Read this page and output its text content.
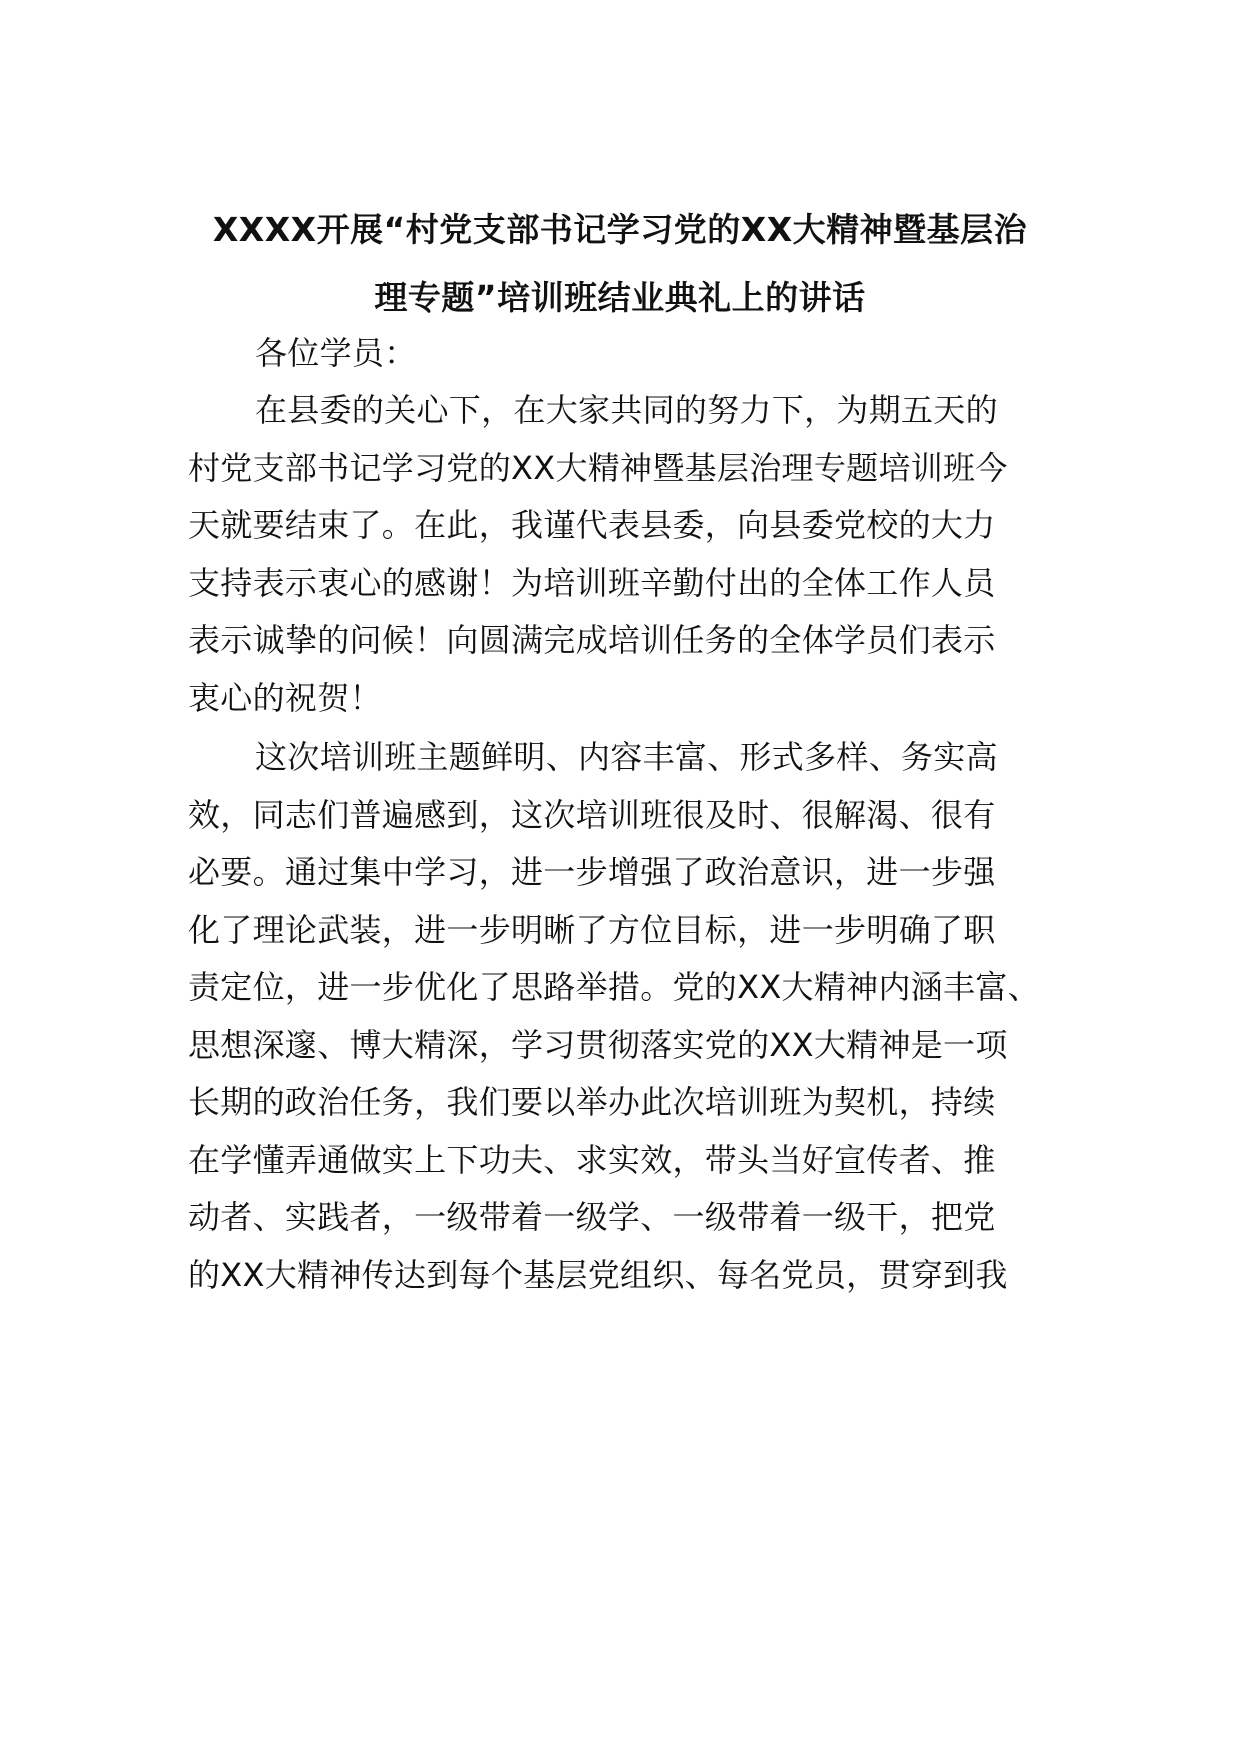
XXXX开展“村党支部书记学习党的XX大精神暨基层治
理专题”培训班结业典礼上的讲话
各位学员：
在县委的关心下，在大家共同的努力下，为期五天的
村党支部书记学习党的XX大精神暨基层治理专题培训班今
天就要结束了。在此，我谨代表县委，向县委党校的大力
支持表示衷心的感谢！为培训班辛勤付出的全体工作人员
表示诚挚的问候！向圆满完成培训任务的全体学员们表示
衷心的祝贺！
这次培训班主题鲜明、内容丰富、形式多样、务实高
效，同志们普遍感到，这次培训班很及时、很解渴、很有
必要。通过集中学习，进一步增强了政治意识，进一步强
化了理论武装，进一步明晰了方位目标，进一步明确了职
责定位，进一步优化了思路举措。党的XX大精神内涵丰富、
思想深邃、博大精深，学习贯彻落实党的XX大精神是一项
长期的政治任务，我们要以举办此次培训班为契机，持续
在学懂弄通做实上下功夫、求实效，带头当好宣传者、推
动者、实践者，一级带着一级学、一级带着一级干，把党
的XX大精神传达到每个基层党组织、每名党员，贯穿到我
